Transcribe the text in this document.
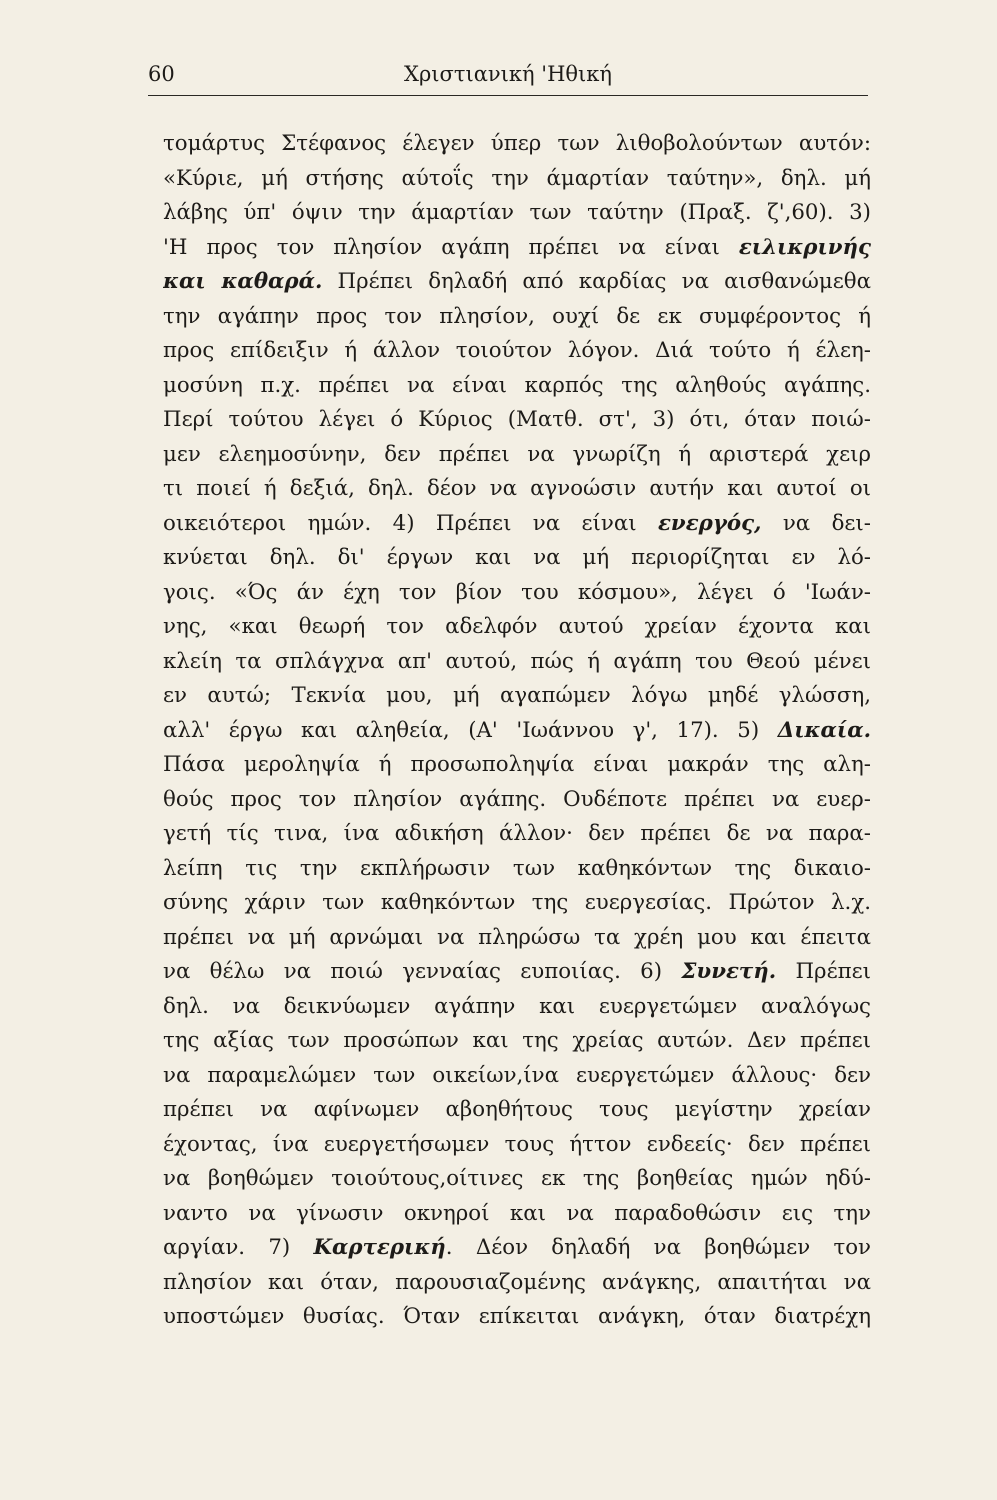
60	Χριστιανική 'Ηθική
τομάρτυς Στέφανος έλεγεν ύπερ των λιθοβολούντων αυτόν:
«Κύριε, μή στήσης αύτοΐς την άμαρτίαν ταύτην», δηλ. μή
λάβης ύπ' όψιν την άμαρτίαν των ταύτην (Πραξ. ζ',60). 3)
'Η προς τον πλησίον αγάπη πρέπει να είναι ειλικρινής
και καθαρά. Πρέπει δηλαδή από καρδίας να αισθανώμεθα
την αγάπην προς τον πλησίον, ουχί δε εκ συμφέροντος ή
προς επίδειξιν ή άλλον τοιούτον λόγον. Διά τούτο ή έλεη-
μοσύνη π.χ. πρέπει να είναι καρπός της αληθούς αγάπης.
Περί τούτου λέγει ό Κύριος (Ματθ. στ', 3) ότι, όταν ποιώ-
μεν ελεημοσύνην, δεν πρέπει να γνωρίζη ή αριστερά χειρ
τι ποιεί ή δεξιά, δηλ. δέον να αγνοώσιν αυτήν και αυτοί οι
οικειότεροι ημών. 4) Πρέπει να είναι ενεργός, να δει-
κνύεται δηλ. δι' έργων και να μή περιορίζηται εν λό-
γοις. «Ός άν έχη τον βίον του κόσμου», λέγει ό 'Ιωάν-
νης, «και θεωρή τον αδελφόν αυτού χρείαν έχοντα και
κλείη τα σπλάγχνα απ' αυτού, πώς ή αγάπη του Θεού μένει
εν αυτώ; Τεκνία μου, μή αγαπώμεν λόγω μηδέ γλώσση,
αλλ' έργω και αληθεία, (Α' 'Ιωάννου γ', 17). 5) Δικαία.
Πάσα μεροληψία ή προσωποληψία είναι μακράν της αλη-
θούς προς τον πλησίον αγάπης. Ουδέποτε πρέπει να ευερ-
γετή τίς τινα, ίνα αδικήση άλλον· δεν πρέπει δε να παρα-
λείπη τις την εκπλήρωσιν των καθηκόντων της δικαιο-
σύνης χάριν των καθηκόντων της ευεργεσίας. Πρώτον λ.χ.
πρέπει να μή αρνώμαι να πληρώσω τα χρέη μου και έπειτα
να θέλω να ποιώ γενναίας ευποιίας. 6) Συνετή. Πρέπει
δηλ. να δεικνύωμεν αγάπην και ευεργετώμεν αναλόγως
της αξίας των προσώπων και της χρείας αυτών. Δεν πρέπει
να παραμελώμεν των οικείων,ίνα ευεργετώμεν άλλους· δεν
πρέπει να αφίνωμεν αβοηθήτους τους μεγίστην χρείαν
έχοντας, ίνα ευεργετήσωμεν τους ήττον ενδεείς· δεν πρέπει
να βοηθώμεν τοιούτους,οίτινες εκ της βοηθείας ημών ηδύ-
ναντο να γίνωσιν οκνηροί και να παραδοθώσιν εις την
αργίαν. 7) Καρτερική. Δέον δηλαδή να βοηθώμεν τον
πλησίον και όταν, παρουσιαζομένης ανάγκης, απαιτήται να
υποστώμεν θυσίας. Όταν επίκειται ανάγκη, όταν διατρέχη
